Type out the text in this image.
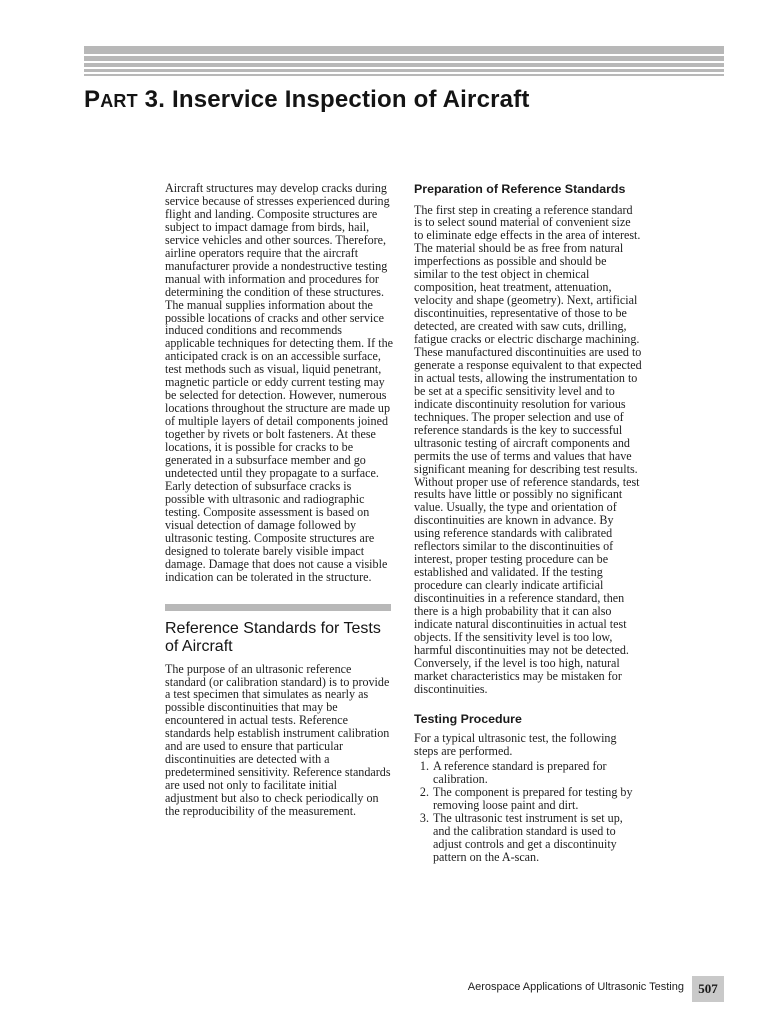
PART 3. Inservice Inspection of Aircraft

Aircraft structures may develop cracks during service because of stresses experienced during flight and landing. Composite structures are subject to impact damage from birds, hail, service vehicles and other sources. Therefore, airline operators require that the aircraft manufacturer provide a nondestructive testing manual with information and procedures for determining the condition of these structures. The manual supplies information about the possible locations of cracks and other service induced conditions and recommends applicable techniques for detecting them. If the anticipated crack is on an accessible surface, test methods such as visual, liquid penetrant, magnetic particle or eddy current testing may be selected for detection. However, numerous locations throughout the structure are made up of multiple layers of detail components joined together by rivets or bolt fasteners. At these locations, it is possible for cracks to be generated in a subsurface member and go undetected until they propagate to a surface. Early detection of subsurface cracks is possible with ultrasonic and radiographic testing. Composite assessment is based on visual detection of damage followed by ultrasonic testing. Composite structures are designed to tolerate barely visible impact damage. Damage that does not cause a visible indication can be tolerated in the structure.

Reference Standards for Tests of Aircraft

The purpose of an ultrasonic reference standard (or calibration standard) is to provide a test specimen that simulates as nearly as possible discontinuities that may be encountered in actual tests. Reference standards help establish instrument calibration and are used to ensure that particular discontinuities are detected with a predetermined sensitivity. Reference standards are used not only to facilitate initial adjustment but also to check periodically on the reproducibility of the measurement.

Preparation of Reference Standards

The first step in creating a reference standard is to select sound material of convenient size to eliminate edge effects in the area of interest. The material should be as free from natural imperfections as possible and should be similar to the test object in chemical composition, heat treatment, attenuation, velocity and shape (geometry). Next, artificial discontinuities, representative of those to be detected, are created with saw cuts, drilling, fatigue cracks or electric discharge machining. These manufactured discontinuities are used to generate a response equivalent to that expected in actual tests, allowing the instrumentation to be set at a specific sensitivity level and to indicate discontinuity resolution for various techniques. The proper selection and use of reference standards is the key to successful ultrasonic testing of aircraft components and permits the use of terms and values that have significant meaning for describing test results. Without proper use of reference standards, test results have little or possibly no significant value. Usually, the type and orientation of discontinuities are known in advance. By using reference standards with calibrated reflectors similar to the discontinuities of interest, proper testing procedure can be established and validated. If the testing procedure can clearly indicate artificial discontinuities in a reference standard, then there is a high probability that it can also indicate natural discontinuities in actual test objects. If the sensitivity level is too low, harmful discontinuities may not be detected. Conversely, if the level is too high, natural market characteristics may be mistaken for discontinuities.

Testing Procedure

For a typical ultrasonic test, the following steps are performed.

1. A reference standard is prepared for calibration.
2. The component is prepared for testing by removing loose paint and dirt.
3. The ultrasonic test instrument is set up, and the calibration standard is used to adjust controls and get a discontinuity pattern on the A-scan.
Aerospace Applications of Ultrasonic Testing	507
